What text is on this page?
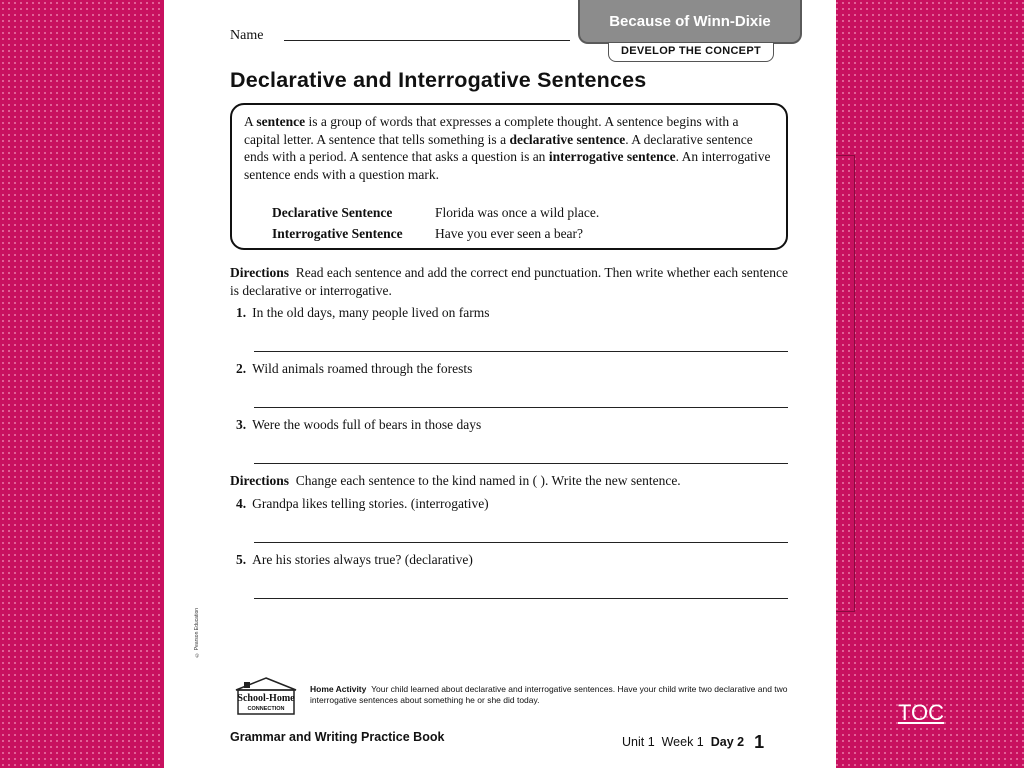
Name
Because of Winn-Dixie
DEVELOP THE CONCEPT
Declarative and Interrogative Sentences

A sentence is a group of words that expresses a complete thought. A sentence begins with a capital letter. A sentence that tells something is a declarative sentence. A declarative sentence ends with a period. A sentence that asks a question is an interrogative sentence. An interrogative sentence ends with a question mark.

Declarative Sentence	Florida was once a wild place.
Interrogative Sentence Have you ever seen a bear?
Directions Read each sentence and add the correct end punctuation. Then write whether each sentence is declarative or interrogative.
1. In the old days, many people lived on farms
2. Wild animals roamed through the forests
3. Were the woods full of bears in those days
Directions Change each sentence to the kind named in ( ). Write the new sentence.
4. Grandpa likes telling stories. (interrogative)
5. Are his stories always true? (declarative)
© Pearson Education
School-Home
CONNECTION
Home Activity Your child learned about declarative and interrogative sentences. Have your child write two declarative and two interrogative sentences about something he or she did today.
Grammar and Writing Practice Book	Unit 1 Week 1 Day 2 1
TOC
